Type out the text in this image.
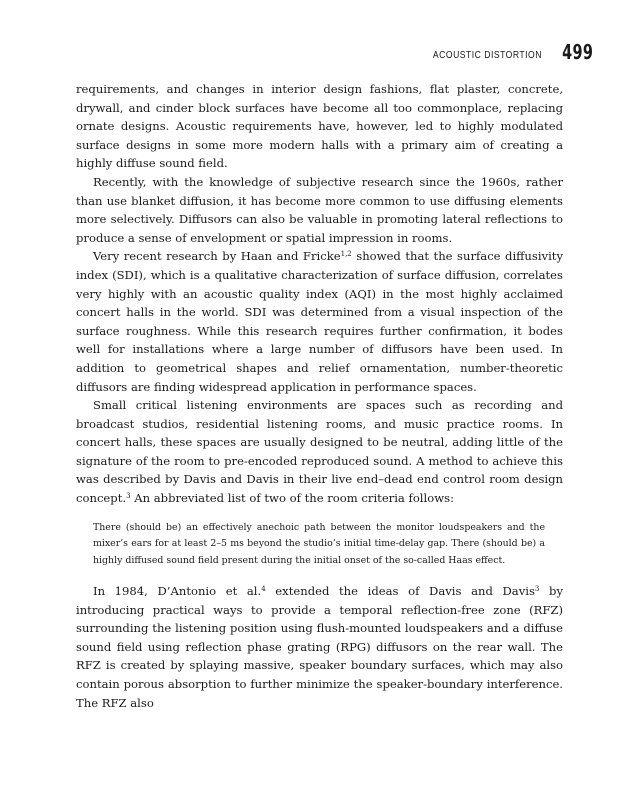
ACOUSTIC DISTORTION 499

requirements, and changes in interior design fashions, flat plaster, concrete, drywall, and cinder block surfaces have become all too commonplace, replacing ornate designs. Acoustic requirements have, however, led to highly modulated surface designs in some more modern halls with a primary aim of creating a highly diffuse sound field.

Recently, with the knowledge of subjective research since the 1960s, rather than use blanket diffusion, it has become more common to use diffusing elements more selectively. Diffusors can also be valuable in promoting lateral reflections to produce a sense of envelopment or spatial impression in rooms.

Very recent research by Haan and Fricke$^{1,2}$ showed that the surface diffusivity index (SDI), which is a qualitative characterization of surface diffusion, correlates very highly with an acoustic quality index (AQI) in the most highly acclaimed concert halls in the world. SDI was determined from a visual inspection of the surface roughness. While this research requires further confirmation, it bodes well for installations where a large number of diffusors have been used. In addition to geometrical shapes and relief ornamentation, number-theoretic diffusors are finding widespread application in performance spaces.

Small critical listening environments are spaces such as recording and broadcast studios, residential listening rooms, and music practice rooms. In concert halls, these spaces are usually designed to be neutral, adding little of the signature of the room to pre-encoded reproduced sound. A method to achieve this was described by Davis and Davis in their live end–dead end control room design concept.$^3$ An abbreviated list of two of the room criteria follows:

There (should be) an effectively anechoic path between the monitor loudspeakers and the mixer’s ears for at least 2–5 ms beyond the studio’s initial time-delay gap. There (should be) a highly diffused sound field present during the initial onset of the so-called Haas effect.

In 1984, D’Antonio et al.$^4$ extended the ideas of Davis and Davis$^3$ by introducing practical ways to provide a temporal reflection-free zone (RFZ) surrounding the listening position using flush-mounted loudspeakers and a diffuse sound field using reflection phase grating (RPG) diffusors on the rear wall. The RFZ is created by splaying massive, speaker boundary surfaces, which may also contain porous absorption to further minimize the speaker-boundary interference. The RFZ also
